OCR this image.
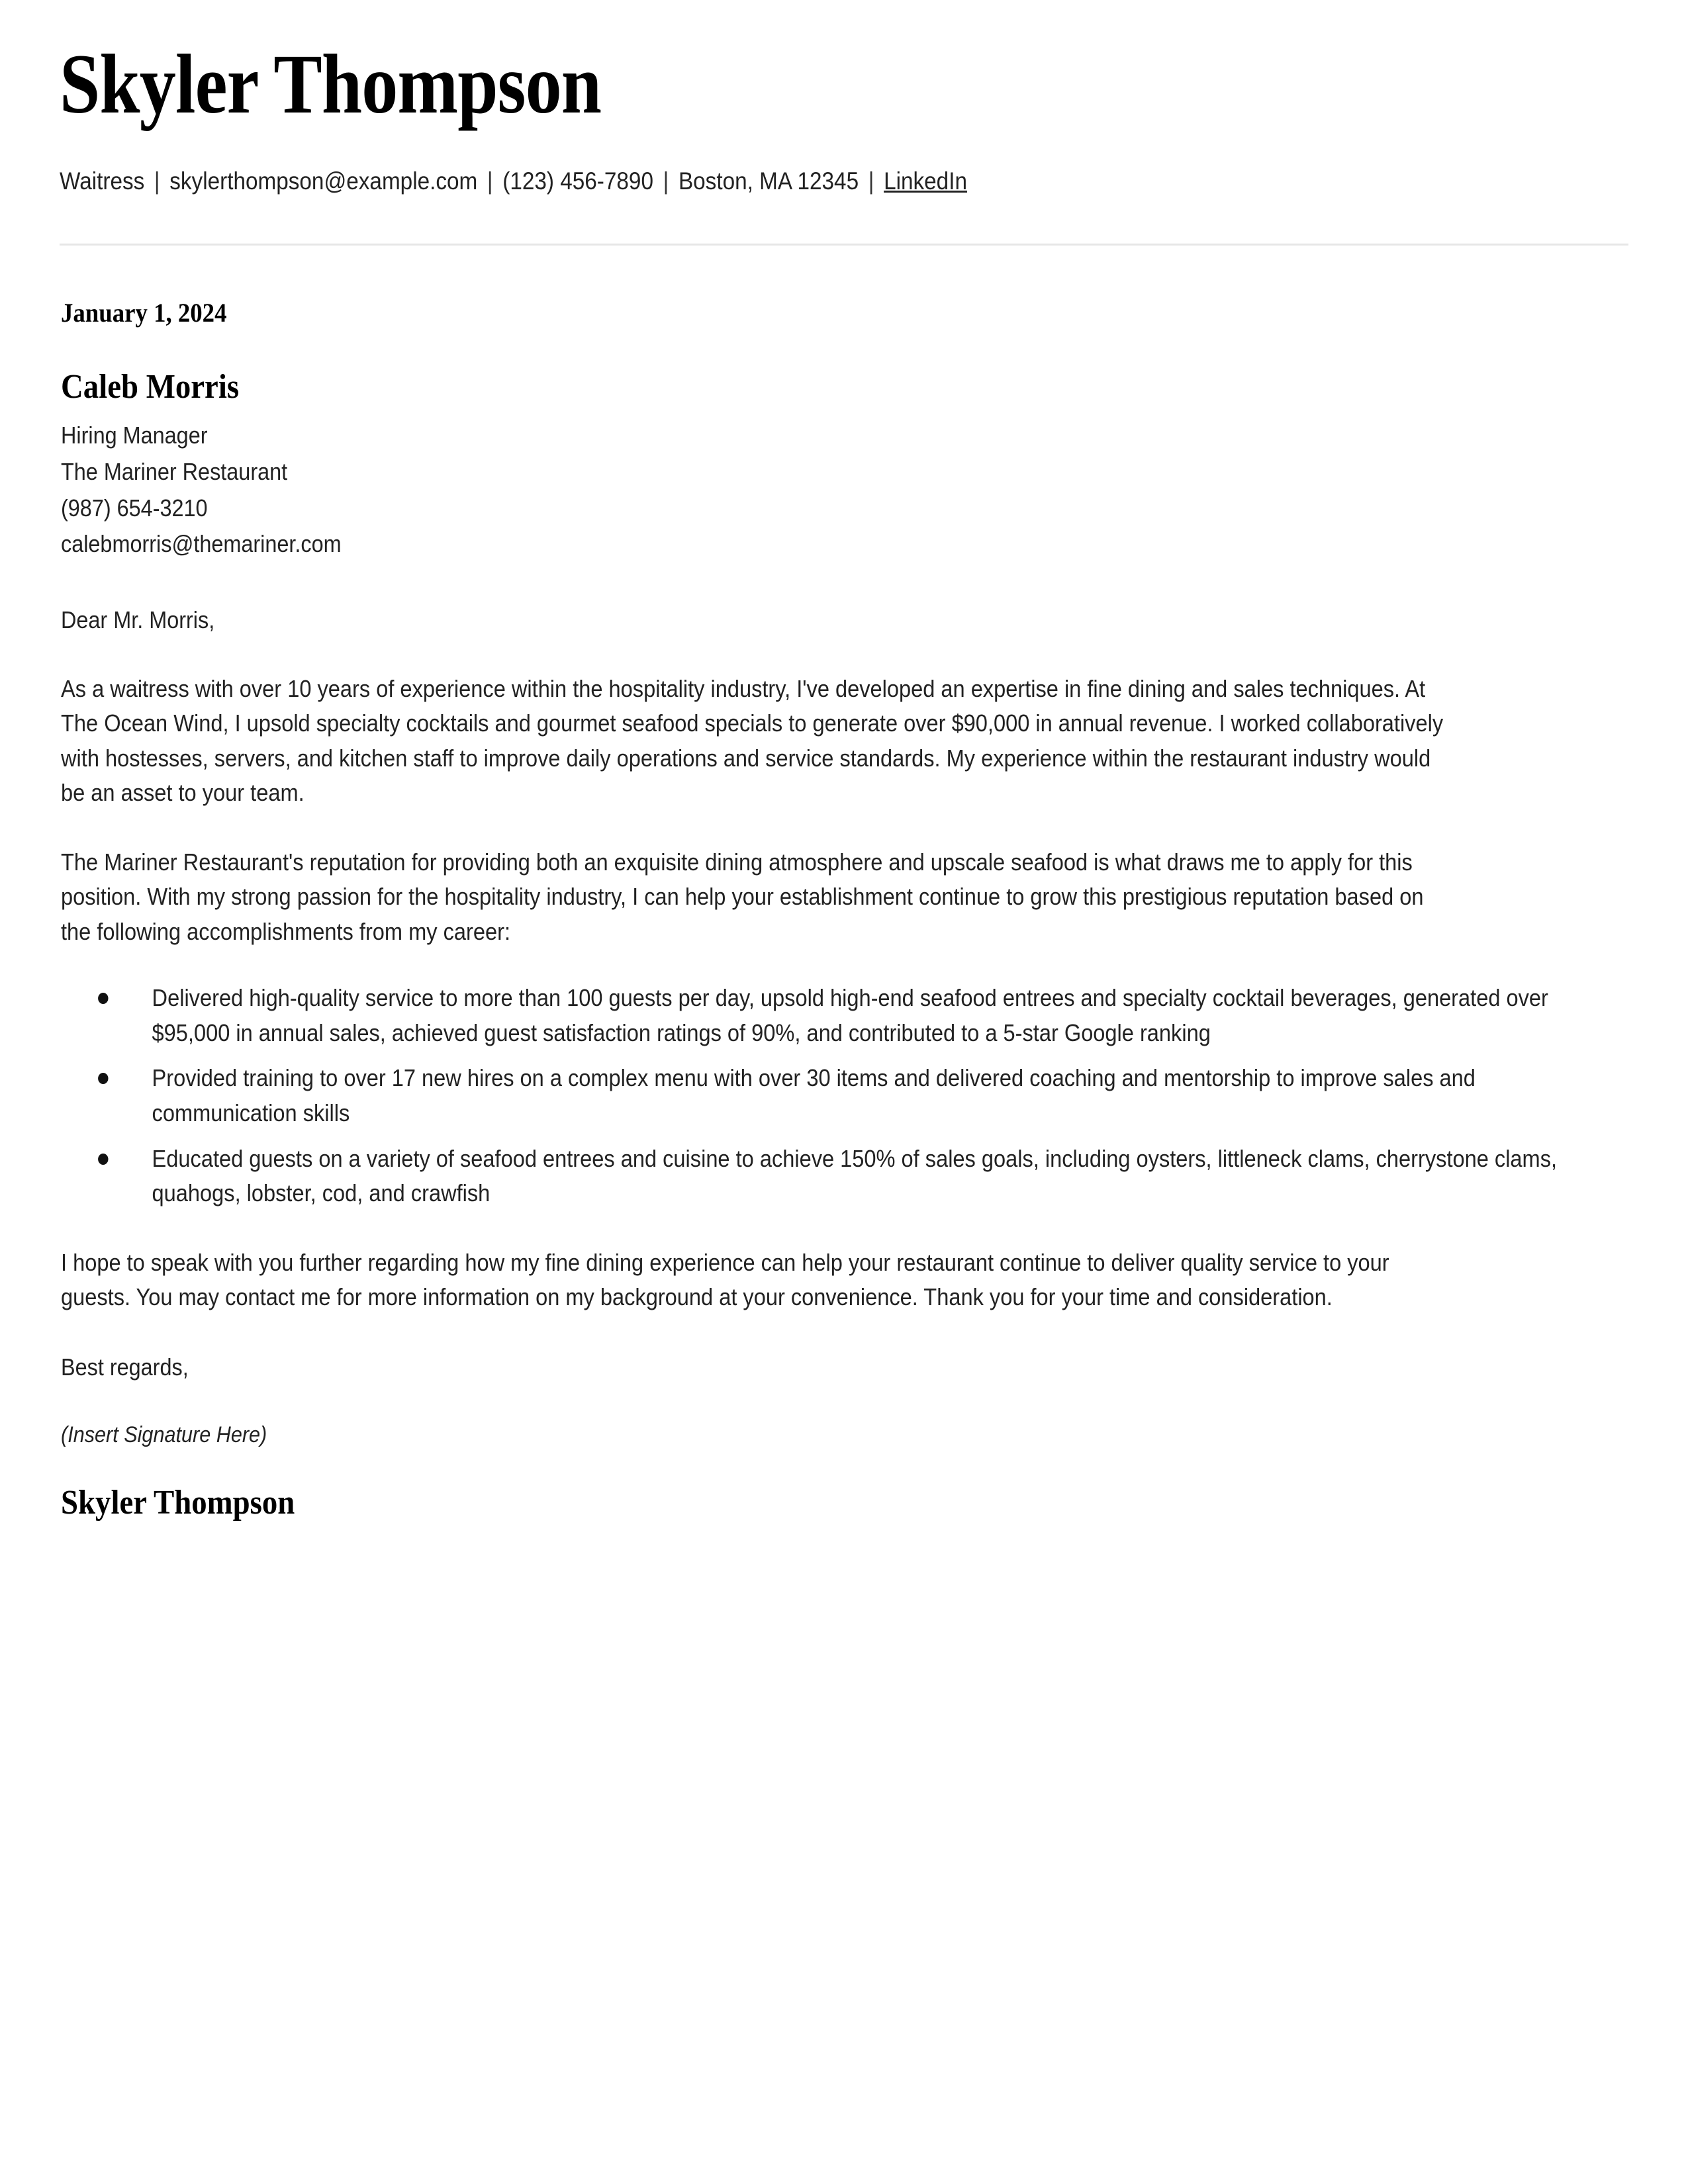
Skyler Thompson
Waitress | skylerthompson@example.com | (123) 456-7890 | Boston, MA 12345 | LinkedIn
January 1, 2024
Caleb Morris
Hiring Manager
The Mariner Restaurant
(987) 654-3210
calebmorris@themariner.com
Dear Mr. Morris,

As a waitress with over 10 years of experience within the hospitality industry, I've developed an expertise in fine dining and sales techniques. At The Ocean Wind, I upsold specialty cocktails and gourmet seafood specials to generate over $90,000 in annual revenue. I worked collaboratively with hostesses, servers, and kitchen staff to improve daily operations and service standards. My experience within the restaurant industry would be an asset to your team.

The Mariner Restaurant's reputation for providing both an exquisite dining atmosphere and upscale seafood is what draws me to apply for this position. With my strong passion for the hospitality industry, I can help your establishment continue to grow this prestigious reputation based on the following accomplishments from my career:

Delivered high-quality service to more than 100 guests per day, upsold high-end seafood entrees and specialty cocktail beverages, generated over $95,000 in annual sales, achieved guest satisfaction ratings of 90%, and contributed to a 5-star Google ranking
Provided training to over 17 new hires on a complex menu with over 30 items and delivered coaching and mentorship to improve sales and communication skills
Educated guests on a variety of seafood entrees and cuisine to achieve 150% of sales goals, including oysters, littleneck clams, cherrystone clams, quahogs, lobster, cod, and crawfish

I hope to speak with you further regarding how my fine dining experience can help your restaurant continue to deliver quality service to your guests. You may contact me for more information on my background at your convenience. Thank you for your time and consideration.

Best regards,
(Insert Signature Here)
Skyler Thompson
